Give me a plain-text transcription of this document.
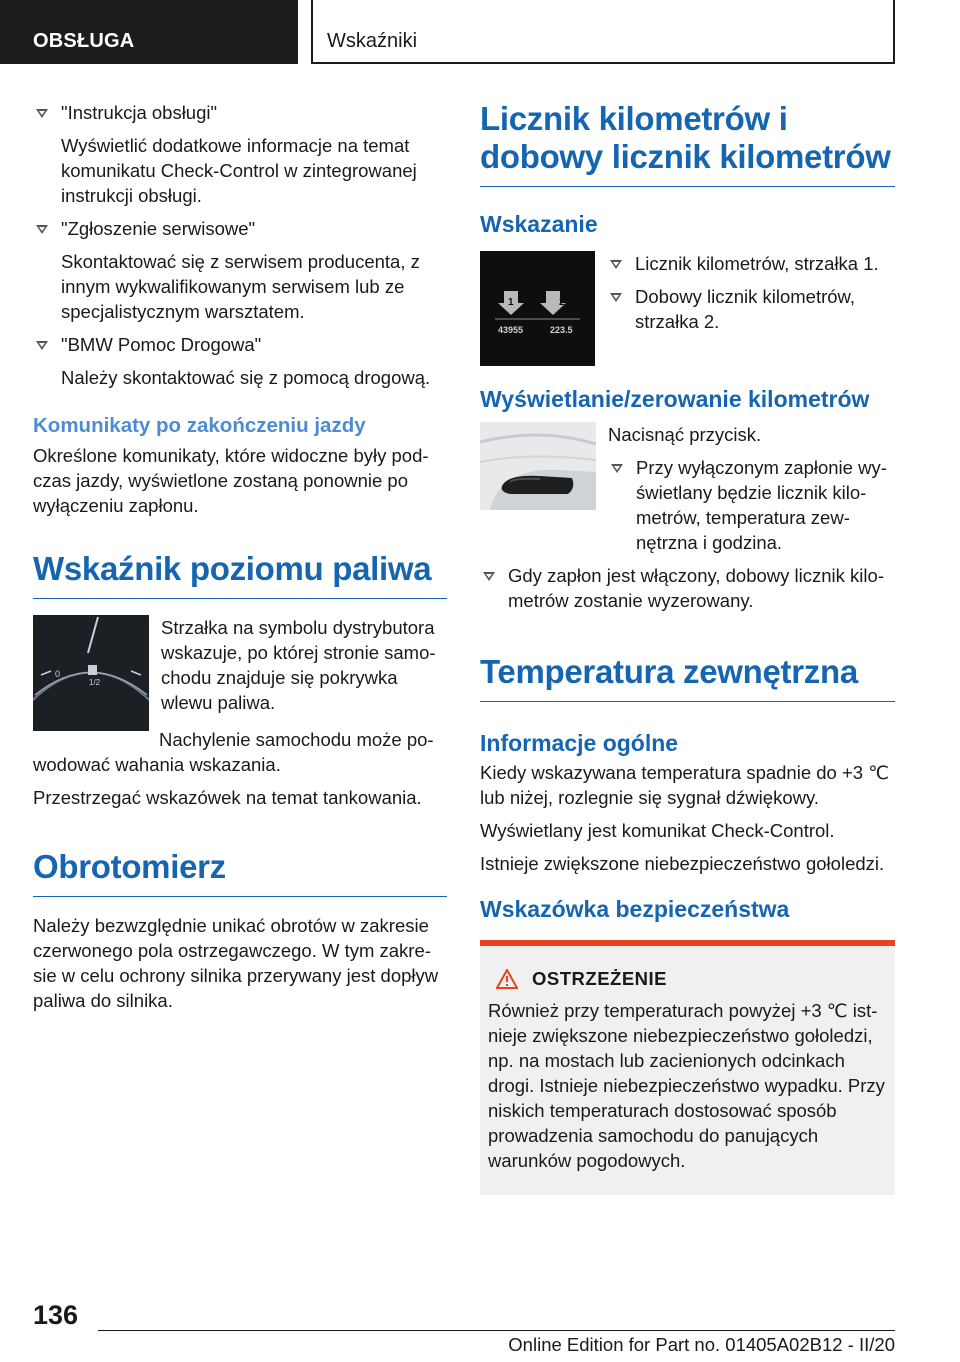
OBSŁUGA	Wskaźniki
"Instrukcja obsługi"
Wyświetlić dodatkowe informacje na temat komunikatu Check-Control w zintegrowanej instrukcji obsługi.
"Zgłoszenie serwisowe"
Skontaktować się z serwisem producenta, z innym wykwalifikowanym serwisem lub ze specjalistycznym warsztatem.
"BMW Pomoc Drogowa"
Należy skontaktować się z pomocą drogową.
Komunikaty po zakończeniu jazdy

Określone komunikaty, które widoczne były podczas jazdy, wyświetlone zostaną ponownie po wyłączeniu zapłonu.

Wskaźnik poziomu paliwa
0
1/2

Strzałka na symbolu dystrybutora wskazuje, po której stronie samochodu znajduje się pokrywka wlewu paliwa.

Nachylenie samochodu może powodować wahania wskazania.

Przestrzegać wskazówek na temat tankowania.

Obrotomierz

Należy bezwzględnie unikać obrotów w zakresie czerwonego pola ostrzegawczego. W tym zakresie w celu ochrony silnika przerywany jest dopływ paliwa do silnika.

Licznik kilometrów i dobowy licznik kilometrów
Wskazanie
1	2
43955	223.5
Licznik kilometrów, strzałka 1.
Dobowy licznik kilometrów, strzałka 2.
Wyświetlanie/zerowanie kilometrów

Nacisnąć przycisk.

Przy wyłączonym zapłonie wyświetlany będzie licznik kilometrów, temperatura zewnętrzna i godzina.
Gdy zapłon jest włączony, dobowy licznik kilometrów zostanie wyzerowany.
Temperatura zewnętrzna
Informacje ogólne

Kiedy wskazywana temperatura spadnie do +3 ℃ lub niżej, rozlegnie się sygnał dźwiękowy.

Wyświetlany jest komunikat Check-Control.

Istnieje zwiększone niebezpieczeństwo gołoledzi.

Wskazówka bezpieczeństwa
OSTRZEŻENIE

Również przy temperaturach powyżej +3 ℃ istnieje zwiększone niebezpieczeństwo gołoledzi, np. na mostach lub zacienionych odcinkach drogi. Istnieje niebezpieczeństwo wypadku. Przy niskich temperaturach dostosować sposób prowadzenia samochodu do panujących warunków pogodowych.

136
Online Edition for Part no. 01405A02B12 - II/20
